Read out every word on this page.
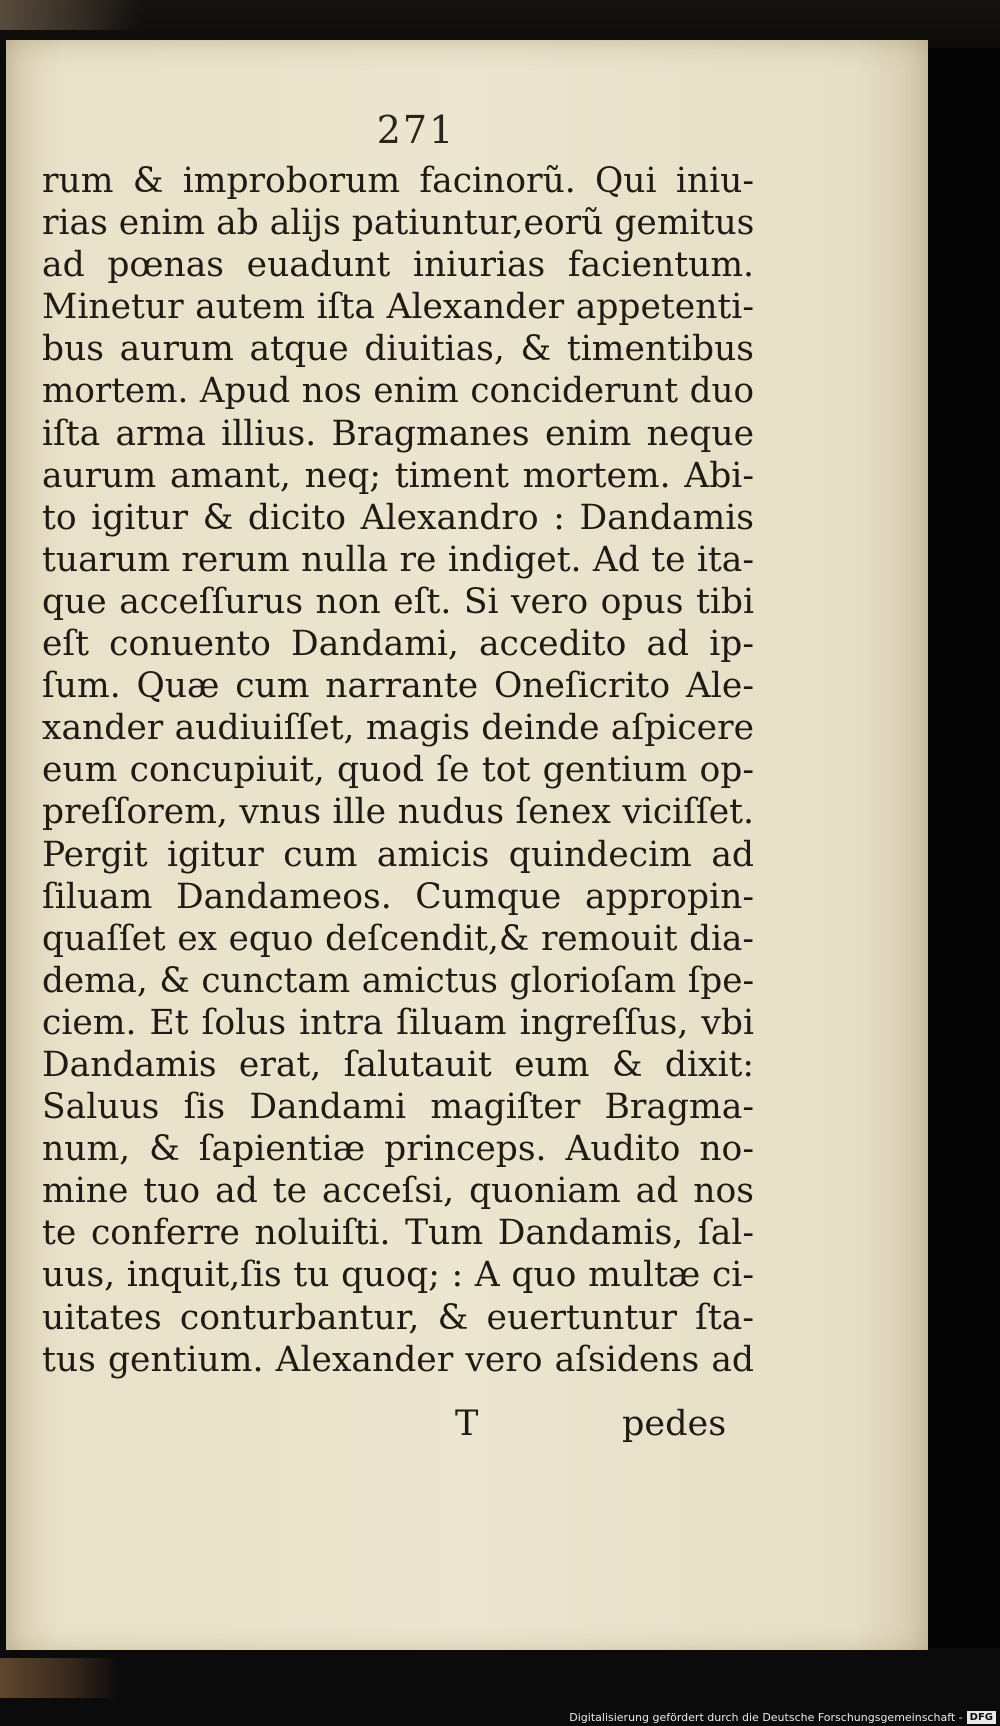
271
rum & improborum facinorũ. Qui iniu-
rias enim ab alijs patiuntur,eorũ gemitus
ad pœnas euadunt iniurias facientum.
Minetur autem iſta Alexander appetenti-
bus aurum atque diuitias, & timentibus
mortem. Apud nos enim conciderunt duo
iſta arma illius. Bragmanes enim neque
aurum amant, neq; timent mortem. Abi-
to igitur & dicito Alexandro : Dandamis
tuarum rerum nulla re indiget. Ad te ita-
que acceſſurus non eſt. Si vero opus tibi
eſt conuento Dandami, accedito ad ip-
ſum. Quæ cum narrante Oneſicrito Ale-
xander audiuiſſet, magis deinde aſpicere
eum concupiuit, quod ſe tot gentium op-
preſſorem, vnus ille nudus ſenex viciſſet.
Pergit igitur cum amicis quindecim ad
ſiluam Dandameos. Cumque appropin-
quaſſet ex equo deſcendit,& remouit dia-
dema, & cunctam amictus glorioſam ſpe-
ciem. Et ſolus intra ſiluam ingreſſus, vbi
Dandamis erat, ſalutauit eum & dixit:
Saluus ſis Dandami magiſter Bragma-
num, & ſapientiæ princeps. Audito no-
mine tuo ad te acceſsi, quoniam ad nos
te conferre noluiſti. Tum Dandamis, ſal-
uus, inquit,ſis tu quoq; : A quo multæ ci-
uitates conturbantur, & euertuntur ſta-
tus gentium. Alexander vero aſsidens ad
T	pedes
Digitalisierung gefördert durch die Deutsche Forschungsgemeinschaft - DFG
